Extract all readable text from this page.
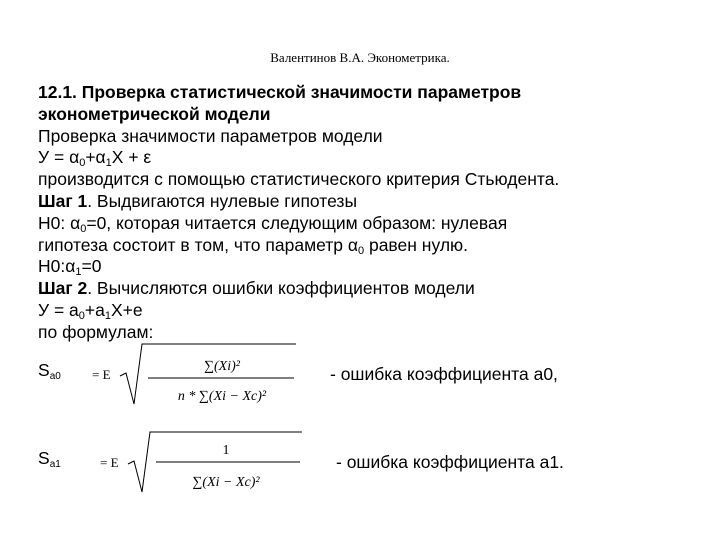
Валентинов В.А. Эконометрика.
12.1. Проверка статистической значимости параметров
эконометрической модели
Проверка значимости параметров модели
$У = \alpha_0+\alpha_1Х + \varepsilon$
производится с помощью статистического критерия Стьюдента.
Шаг 1. Выдвигаются нулевые гипотезы
Н0: $\alpha_0=0$, которая читается следующим образом: нулевая
гипотеза состоит в том, что параметр $\alpha_0$ равен нулю.
$Н0:\alpha_1=0$
Шаг 2. Вычисляются ошибки коэффициентов модели
$У = a_0+a_1Х+e$
по формулам:
$S_{a0} = E$
∑(Xi)²
n * ∑(Xi − Xc)²
- ошибка коэффициента а0,
$S_{a1}$	= E
1
∑(Xi − Xc)²
- ошибка коэффициента а1.
